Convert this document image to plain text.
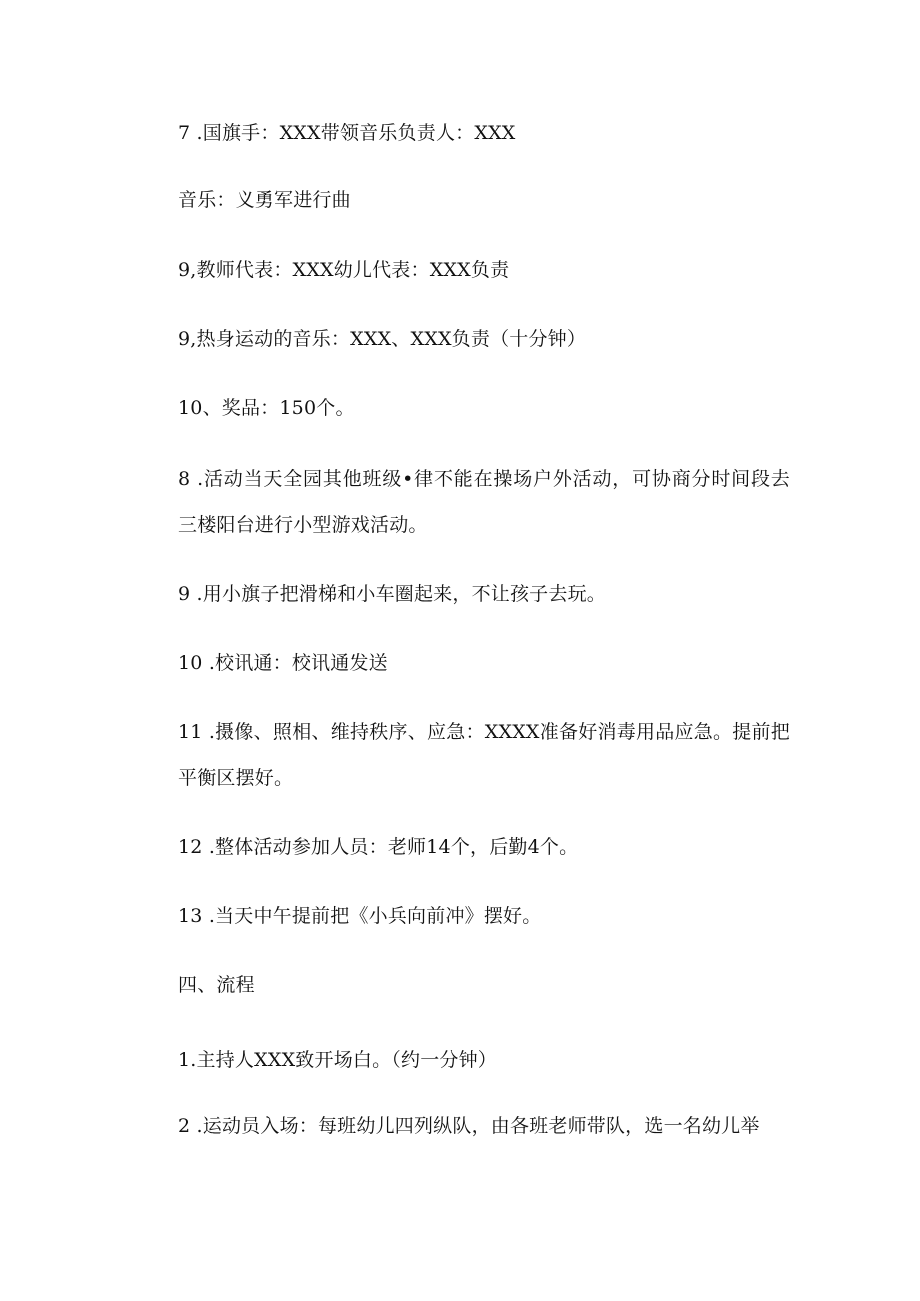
7 .国旗手：XXX带领音乐负责人：XXX

音乐：义勇军进行曲

9,教师代表：XXX幼儿代表：XXX负责

9,热身运动的音乐：XXX、XXX负责（十分钟）

10、奖品：150个。

8 .活动当天全园其他班级•律不能在操场户外活动，可协商分时间段去三楼阳台进行小型游戏活动。

9 .用小旗子把滑梯和小车圈起来，不让孩子去玩。

10 .校讯通：校讯通发送

11 .摄像、照相、维持秩序、应急：XXXX准备好消毒用品应急。提前把平衡区摆好。

12 .整体活动参加人员：老师14个，后勤4个。

13 .当天中午提前把《小兵向前冲》摆好。

四、流程

1.主持人XXX致开场白。（约一分钟）

2 .运动员入场：每班幼儿四列纵队，由各班老师带队，选一名幼儿举
